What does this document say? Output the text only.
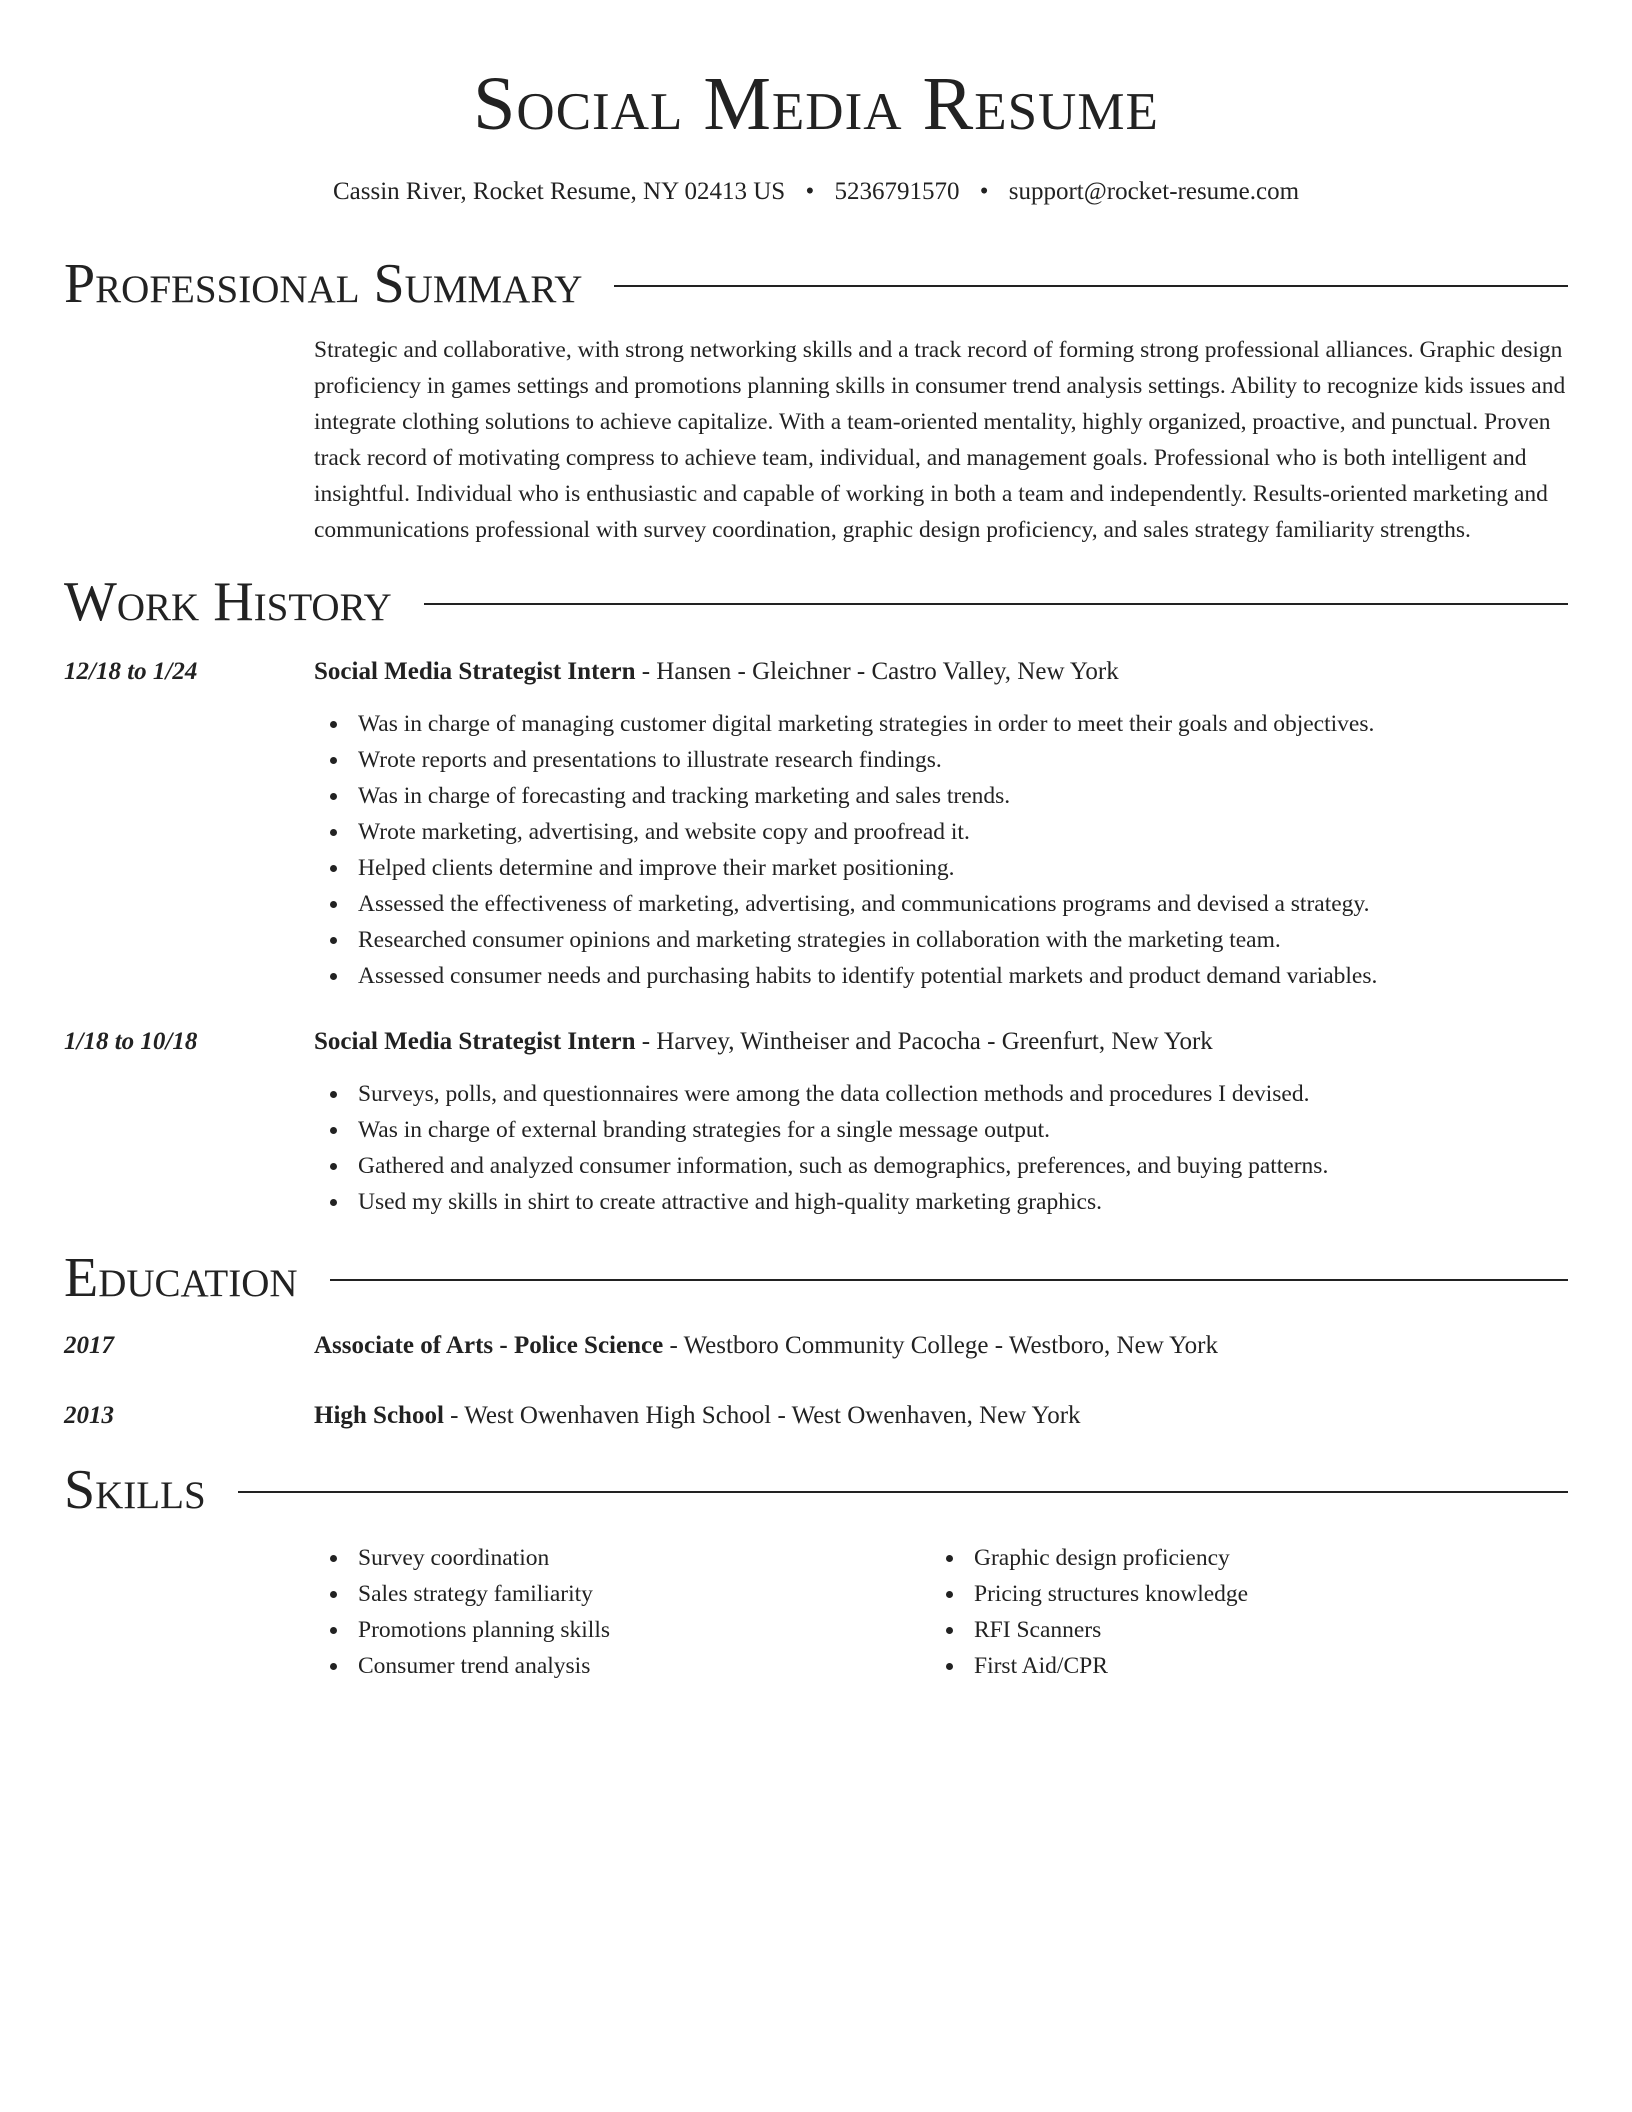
Social Media Resume
Cassin River, Rocket Resume, NY 02413 US • 5236791570 • support@rocket-resume.com
Professional Summary

Strategic and collaborative, with strong networking skills and a track record of forming strong professional alliances. Graphic design proficiency in games settings and promotions planning skills in consumer trend analysis settings. Ability to recognize kids issues and integrate clothing solutions to achieve capitalize. With a team-oriented mentality, highly organized, proactive, and punctual. Proven track record of motivating compress to achieve team, individual, and management goals. Professional who is both intelligent and insightful. Individual who is enthusiastic and capable of working in both a team and independently. Results-oriented marketing and communications professional with survey coordination, graphic design proficiency, and sales strategy familiarity strengths.

Work History
12/18 to 1/24	Social Media Strategist Intern - Hansen - Gleichner - Castro Valley, New York
Was in charge of managing customer digital marketing strategies in order to meet their goals and objectives.
Wrote reports and presentations to illustrate research findings.
Was in charge of forecasting and tracking marketing and sales trends.
Wrote marketing, advertising, and website copy and proofread it.
Helped clients determine and improve their market positioning.
Assessed the effectiveness of marketing, advertising, and communications programs and devised a strategy.
Researched consumer opinions and marketing strategies in collaboration with the marketing team.
Assessed consumer needs and purchasing habits to identify potential markets and product demand variables.
1/18 to 10/18	Social Media Strategist Intern - Harvey, Wintheiser and Pacocha - Greenfurt, New York
Surveys, polls, and questionnaires were among the data collection methods and procedures I devised.
Was in charge of external branding strategies for a single message output.
Gathered and analyzed consumer information, such as demographics, preferences, and buying patterns.
Used my skills in shirt to create attractive and high-quality marketing graphics.
Education
2017	Associate of Arts - Police Science - Westboro Community College - Westboro, New York
2013	High School - West Owenhaven High School - West Owenhaven, New York
Skills
Survey coordination
Sales strategy familiarity
Promotions planning skills
Consumer trend analysis
Graphic design proficiency
Pricing structures knowledge
RFI Scanners
First Aid/CPR
